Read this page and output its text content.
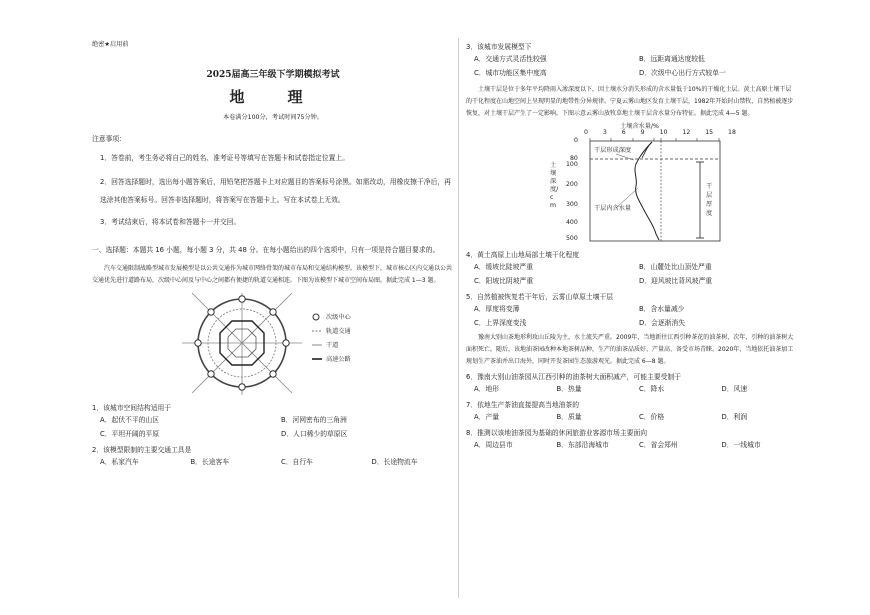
绝密★启用前
2025届高三年级下学期模拟考试
地　理
本卷满分100分，考试时间75分钟。
注意事项：
1．答卷前，考生务必将自己的姓名、准考证号等填写在答题卡和试卷指定位置上。
2．回答选择题时，选出每小题答案后，用铅笔把答题卡上对应题目的答案标号涂黑。如需改动，用橡皮擦干净后，再选涂其他答案标号。回答非选择题时，将答案写在答题卡上。写在本试卷上无效。
3．考试结束后，将本试卷和答题卡一并交回。
一、选择题：本题共 16 小题，每小题 3 分，共 48 分。在每小题给出的四个选项中，只有一项是符合题目要求的。
汽车交通限制战略型城市发展模型是以公共交通作为城市网络骨架的城市布局和交通结构模型。该模型下，城市核心区内交通以公共交通优先进行道路布局，次级中心间及与中心之间都有便捷的轨道交通相连。下图为该模型下城市空间布局图。据此完成 1—3 题。
次级中心
轨道交通
干道
高速公路
1．该城市空间结构适用于
A．起伏不平的山区	B．河网密布的三角洲
C．平坦开阔的平原	D．人口稀少的草原区
2．该模型限制的主要交通工具是
A．私家汽车	B．长途客车	C．自行车	D．长途物流车
3．该城市发展模型下
A．交通方式灵活性较强	B．远距离通达度较低
C．城市功能区集中度高	D．次级中心出行方式较单一
土壤干层是位于多年平均降雨入渗深度以下，因土壤水分消失形成的含水量低于10%的干燥化土层。黄土高原土壤干层的干化程度在山地空间上呈现明显的地带性分异规律。宁夏云雾山地区发育土壤干层，1982年开始封山禁牧，自然植被逐步恢复，对土壤干层产生了一定影响。下图示意云雾山放牧草地土壤干层含水量分布特征。据此完成 4—5 题。
土壤含水量/%
0 3 6 9 10 12 15 18
0
80
100
200
300
400
500
土壤深度/cm
干层形成深度
干层内含水量
干层厚度
4．黄土高原上山地局部土壤干化程度
A．缓坡比陡坡严重	B．山麓处比山顶处严重
C．阳坡比阴坡严重	D．迎风坡比背风坡严重
5．自然植被恢复若干年后，云雾山草原土壤干层
A．厚度将变薄	B．含水量减少
C．上界深度变浅	D．会逐渐消失
豫南大别山茶地形利玫山丘陵为主，水土流失严重。2009年，当地新往江西引种茶花的油茶树，次年，引种的油茶树大面积死亡。随后，该地油茶园改种本地茶树品种，生产的油茶品质好、产量高、备受市场青睐。2020年，当地依托油茶加工规划生产茶油并出口海外，同时开发茶园生态旅游观光。据此完成 6—8 题。
6．豫南大别山油茶园从江西引种的油茶树大面积减产，可能主要受制于
A．地形	B．热量	C．降水	D．风速
7．依地生产茶油直接提高当地油茶的
A．产量	B．质量	C．价格	D．利润
8．推测以该地油茶园为基础的休闲旅游业客源市场主要面向
A．周边县市	B．东部沿海城市	C．省会郑州	D．一线城市
